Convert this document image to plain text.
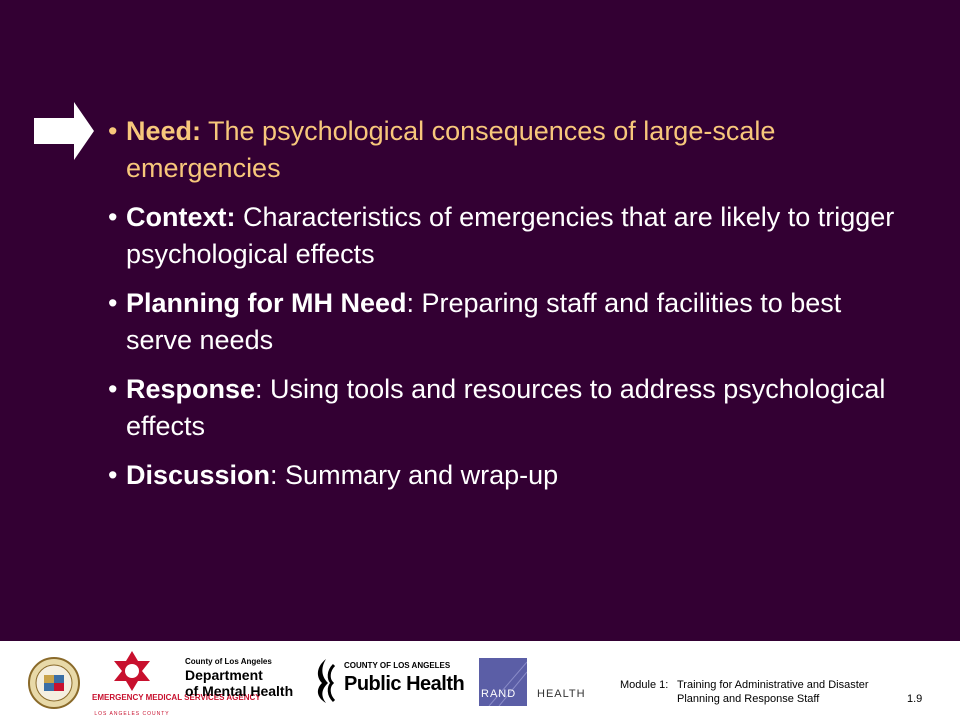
• Need: The psychological consequences of large-scale emergencies
• Context: Characteristics of emergencies that are likely to trigger psychological effects
• Planning for MH Need: Preparing staff and facilities to best serve needs
• Response: Using tools and resources to address psychological effects
• Discussion: Summary and wrap-up
EMERGENCY MEDICAL SERVICES AGENCY
LOS ANGELES COUNTY
County of Los Angeles
Department
of Mental Health
COUNTY OF LOS ANGELES
Public Health RAND HEALTH
Module 1: Training for Administrative and Disaster Planning and Response Staff	1.9
